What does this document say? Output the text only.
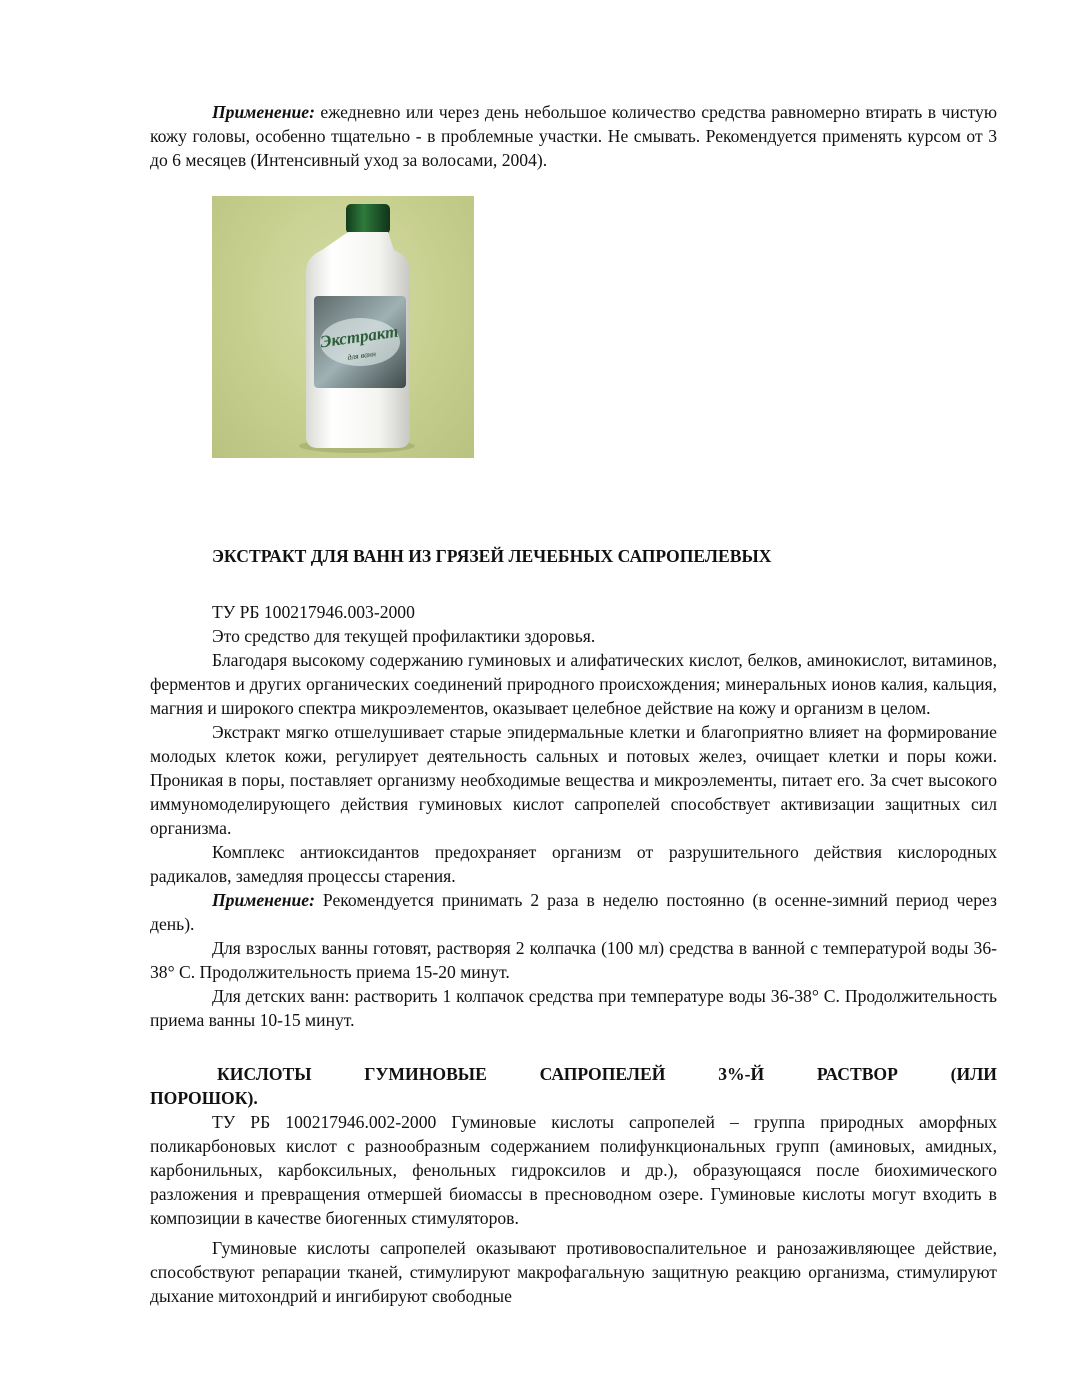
Экстракт
для ванн

Применение: ежедневно или через день небольшое количество средства равномерно втирать в чистую кожу головы, особенно тщательно - в проблемные участки. Не смывать. Рекомендуется применять курсом от 3 до 6 месяцев (Интенсивный уход за волосами, 2004).

ЭКСТРАКТ ДЛЯ ВАНН ИЗ ГРЯЗЕЙ ЛЕЧЕБНЫХ САПРОПЕЛЕВЫХ

ТУ РБ 100217946.003-2000

Это средство для текущей профилактики здоровья.

Благодаря высокому содержанию гуминовых и алифатических кислот, белков, аминокислот, витаминов, ферментов и других органических соединений природного происхождения; минеральных ионов калия, кальция, магния и широкого спектра микроэлементов, оказывает целебное действие на кожу и организм в целом.

Экстракт мягко отшелушивает старые эпидермальные клетки и благоприятно влияет на формирование молодых клеток кожи, регулирует деятельность сальных и потовых желез, очищает клетки и поры кожи. Проникая в поры, поставляет организму необходимые вещества и микроэлементы, питает его. За счет высокого иммуномоделирующего действия гуминовых кислот сапропелей способствует активизации защитных сил организма.

Комплекс антиоксидантов предохраняет организм от разрушительного действия кислородных радикалов, замедляя процессы старения.

Применение: Рекомендуется принимать 2 раза в неделю постоянно (в осенне-зимний период через день).

Для взрослых ванны готовят, растворяя 2 колпачка (100 мл) средства в ванной с температурой воды 36-38° С. Продолжительность приема 15-20 минут.

Для детских ванн: растворить 1 колпачок средства при температуре воды 36-38° С. Продолжительность приема ванны 10-15 минут.

КИСЛОТЫ ГУМИНОВЫЕ САПРОПЕЛЕЙ 3%-Й РАСТВОР (ИЛИ ПОРОШОК).

ТУ РБ 100217946.002-2000 Гуминовые кислоты сапропелей – группа природных аморфных поликарбоновых кислот с разнообразным содержанием полифункциональных групп (аминовых, амидных, карбонильных, карбоксильных, фенольных гидроксилов и др.), образующаяся после биохимического разложения и превращения отмершей биомассы в пресноводном озере. Гуминовые кислоты могут входить в композиции в качестве биогенных стимуляторов.

Гуминовые кислоты сапропелей оказывают противовоспалительное и ранозаживляющее действие, способствуют репарации тканей, стимулируют макрофагальную защитную реакцию организма, стимулируют дыхание митохондрий и ингибируют свободные
